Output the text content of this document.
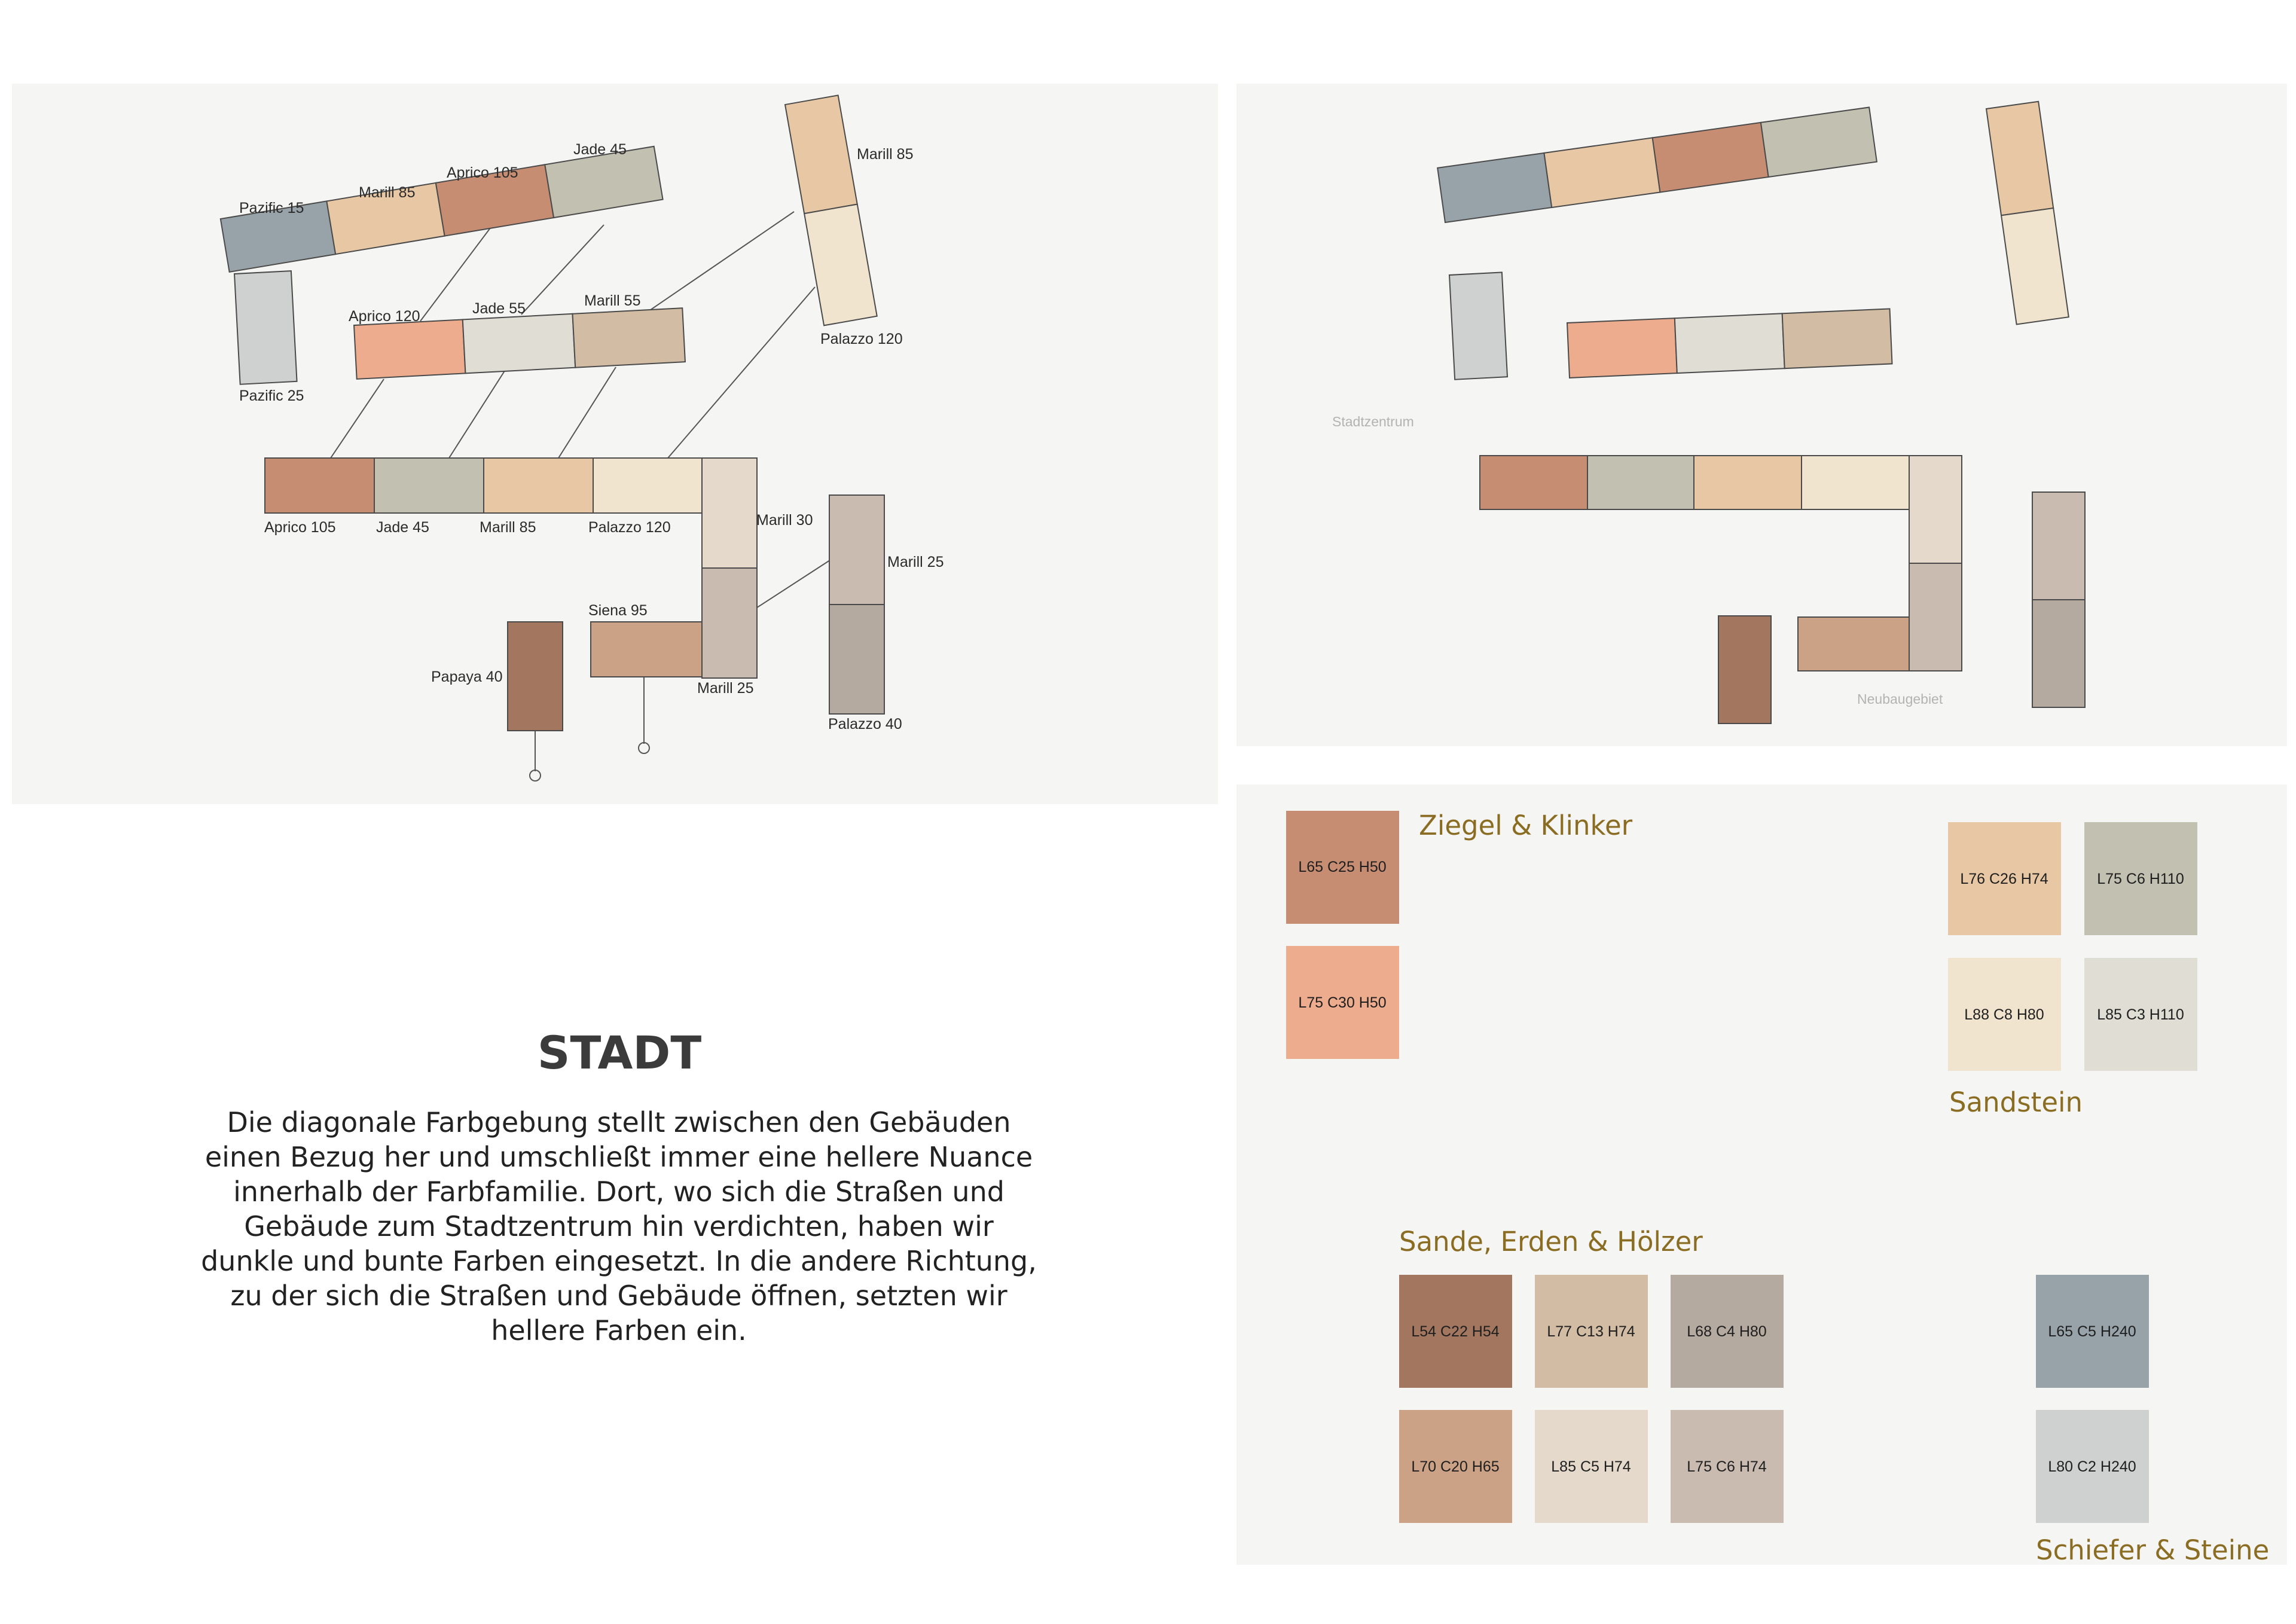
Pazific 15
Marill 85
Aprico 105
Jade 45	Marill 85
Aprico 120	Jade 55	Marill 55
Palazzo 120
Pazific 25
Aprico 105	Jade 45	Marill 85	Palazzo 120	Marill 30
Marill 25
Siena 95
Papaya 40
Marill 25
Palazzo 40
Stadtzentrum
Neubaugebiet
STADT

Die diagonale Farbgebung stellt zwischen den Gebäuden einen Bezug her und umschließt immer eine hellere Nuance innerhalb der Farbfamilie. Dort, wo sich die Straßen und Gebäude zum Stadtzentrum hin verdichten, haben wir dunkle und bunte Farben eingesetzt. In die andere Richtung, zu der sich die Straßen und Gebäude öffnen, setzten wir hellere Farben ein.

Ziegel & Klinker
L65 C25 H50
L75 C30 H50
L76 C26 H74	L75 C6 H110
L88 C8 H80	L85 C3 H110
Sandstein
Sande, Erden & Hölzer
L54 C22 H54	L77 C13 H74	L68 C4 H80
L70 C20 H65	L85 C5 H74	L75 C6 H74
L65 C5 H240
L80 C2 H240
Schiefer & Steine
